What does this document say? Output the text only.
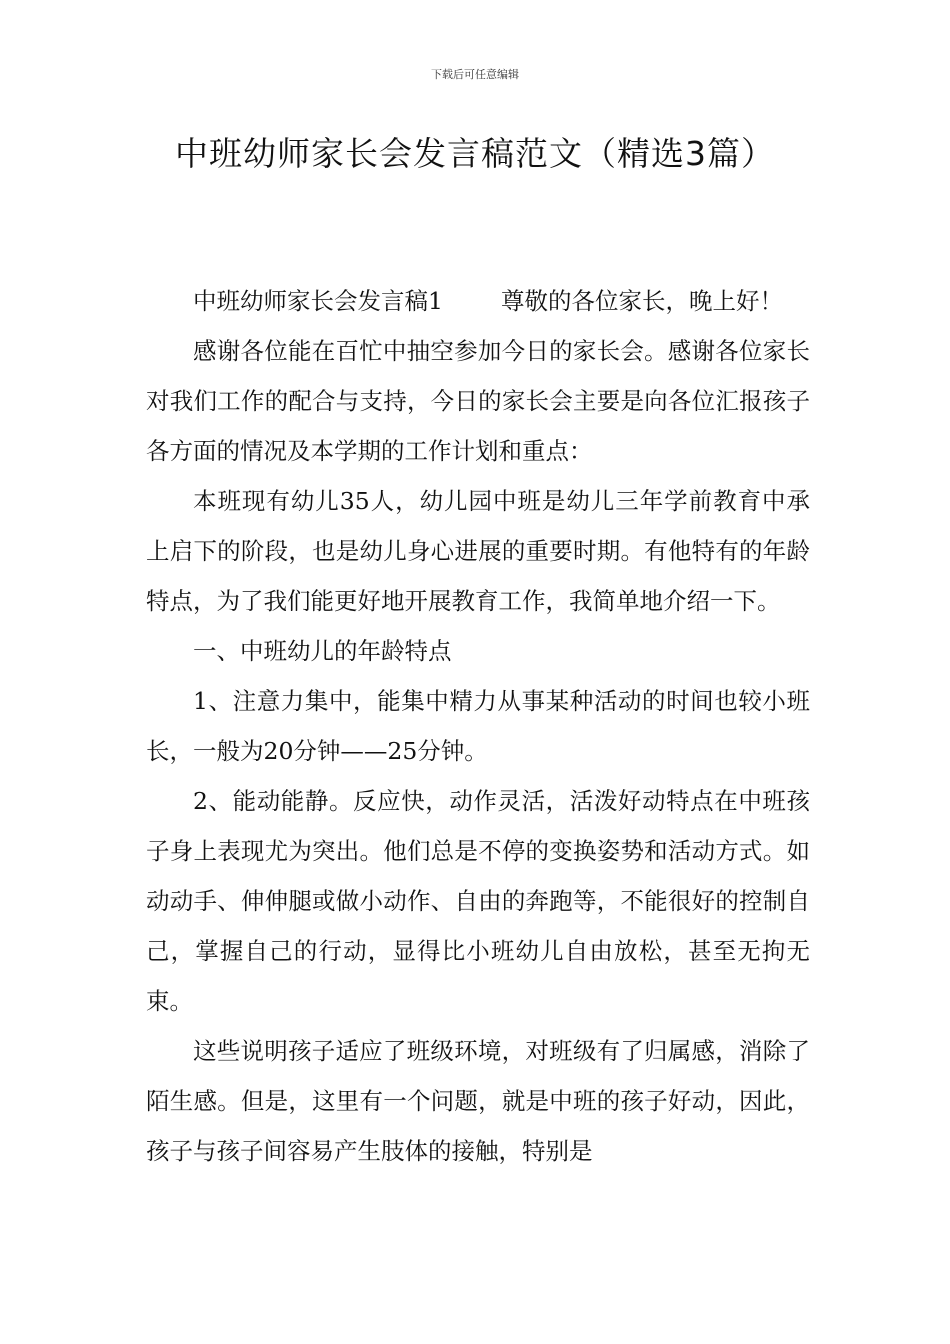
下载后可任意编辑
中班幼师家长会发言稿范文（精选3篇）

中班幼师家长会发言稿1 尊敬的各位家长，晚上好！

感谢各位能在百忙中抽空参加今日的家长会。感谢各位家长对我们工作的配合与支持，今日的家长会主要是向各位汇报孩子各方面的情况及本学期的工作计划和重点：

本班现有幼儿35人，幼儿园中班是幼儿三年学前教育中承上启下的阶段，也是幼儿身心进展的重要时期。有他特有的年龄特点，为了我们能更好地开展教育工作，我简单地介绍一下。

一、中班幼儿的年龄特点

1、注意力集中，能集中精力从事某种活动的时间也较小班长，一般为20分钟——25分钟。

2、能动能静。反应快，动作灵活，活泼好动特点在中班孩子身上表现尤为突出。他们总是不停的变换姿势和活动方式。如动动手、伸伸腿或做小动作、自由的奔跑等，不能很好的控制自己，掌握自己的行动，显得比小班幼儿自由放松，甚至无拘无束。

这些说明孩子适应了班级环境，对班级有了归属感，消除了陌生感。但是，这里有一个问题，就是中班的孩子好动，因此，孩子与孩子间容易产生肢体的接触，特别是
